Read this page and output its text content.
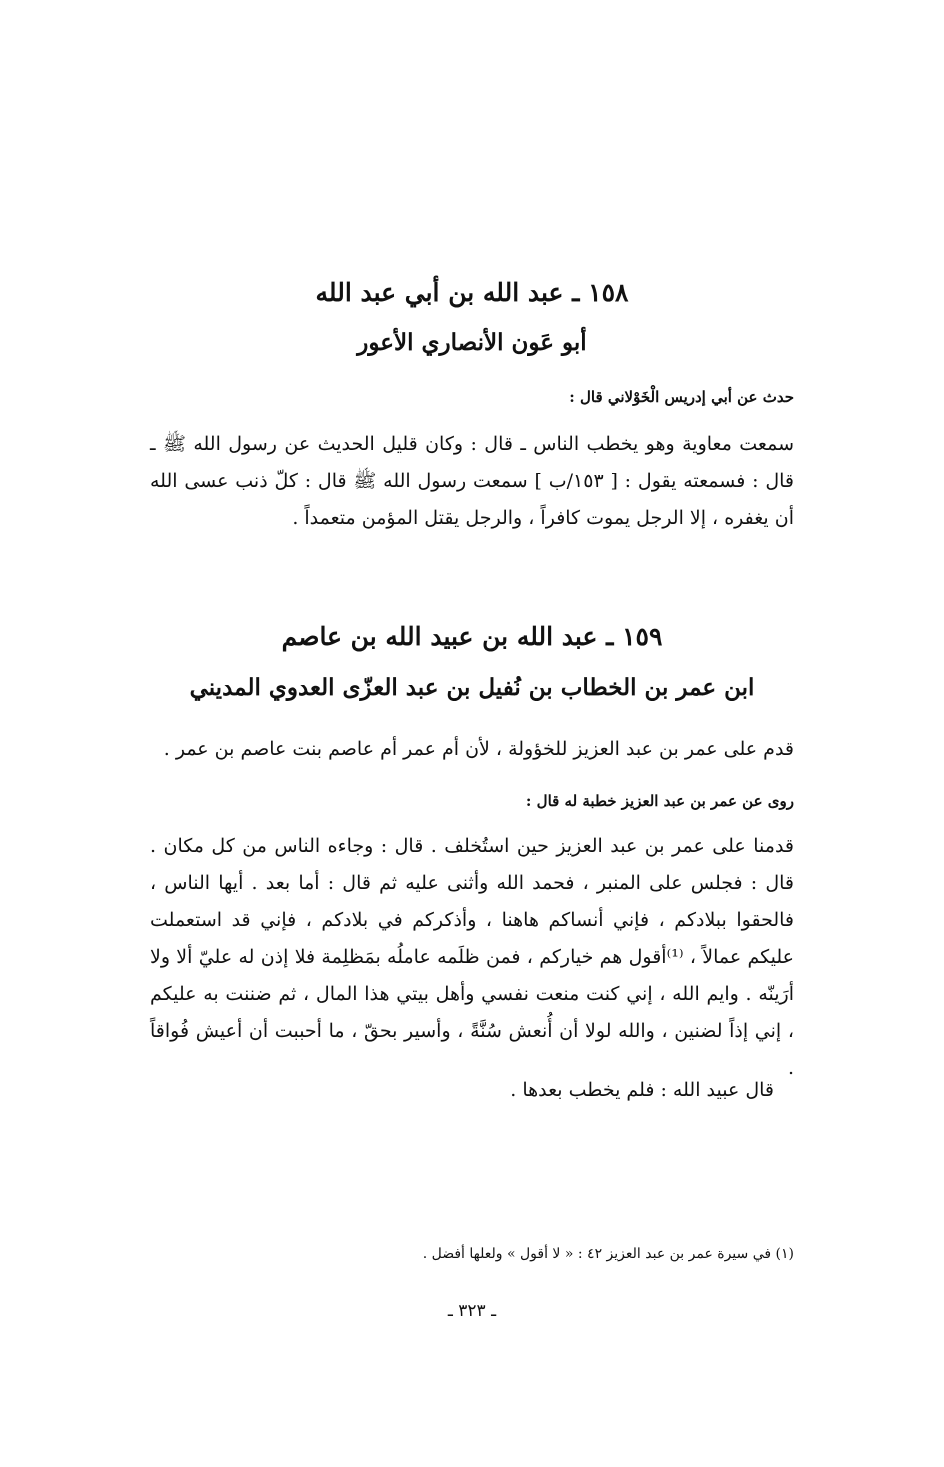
١٥٨ ـ عبد الله بن أبي عبد الله
أبو عَون الأنصاري الأعور

حدث عن أبي إدريس الْخَوْلاني قال :

سمعت معاوية وهو يخطب الناس ـ قال : وكان قليل الحديث عن رسول الله ﷺ ـ قال : فسمعته يقول : [ ١٥٣/ب ] سمعت رسول الله ﷺ قال : كلّ ذنب عسى الله أن يغفره ، إلا الرجل يموت كافراً ، والرجل يقتل المؤمن متعمداً .

١٥٩ ـ عبد الله بن عبيد الله بن عاصم
ابن عمر بن الخطاب بن نُفيل بن عبد العزّى العدوي المديني

قدم على عمر بن عبد العزيز للخؤولة ، لأن أم عمر أم عاصم بنت عاصم بن عمر .

روى عن عمر بن عبد العزيز خطبة له قال :

قدمنا على عمر بن عبد العزيز حين استُخلف . قال : وجاءه الناس من كل مكان . قال : فجلس على المنبر ، فحمد الله وأثنى عليه ثم قال : أما بعد . أيها الناس ، فالحقوا ببلادكم ، فإني أنساكم هاهنا ، وأذكركم في بلادكم ، فإني قد استعملت عليكم عمالاً ، ⁽¹⁾أقول هم خياركم ، فمن ظلَمه عاملُه بمَظلِمة فلا إذن له عليّ ألا ولا أرَينّه . وايم الله ، إني كنت منعت نفسي وأهل بيتي هذا المال ، ثم ضننت به عليكم ، إني إذاً لضنين ، والله لولا أن أُنعش سُنَّةً ، وأسير بحقّ ، ما أحببت أن أعيش فُواقاً .

قال عبيد الله : فلم يخطب بعدها .

(١) في سيرة عمر بن عبد العزيز ٤٢ : « لا أقول » ولعلها أفضل .

ـ ٣٢٣ ـ
